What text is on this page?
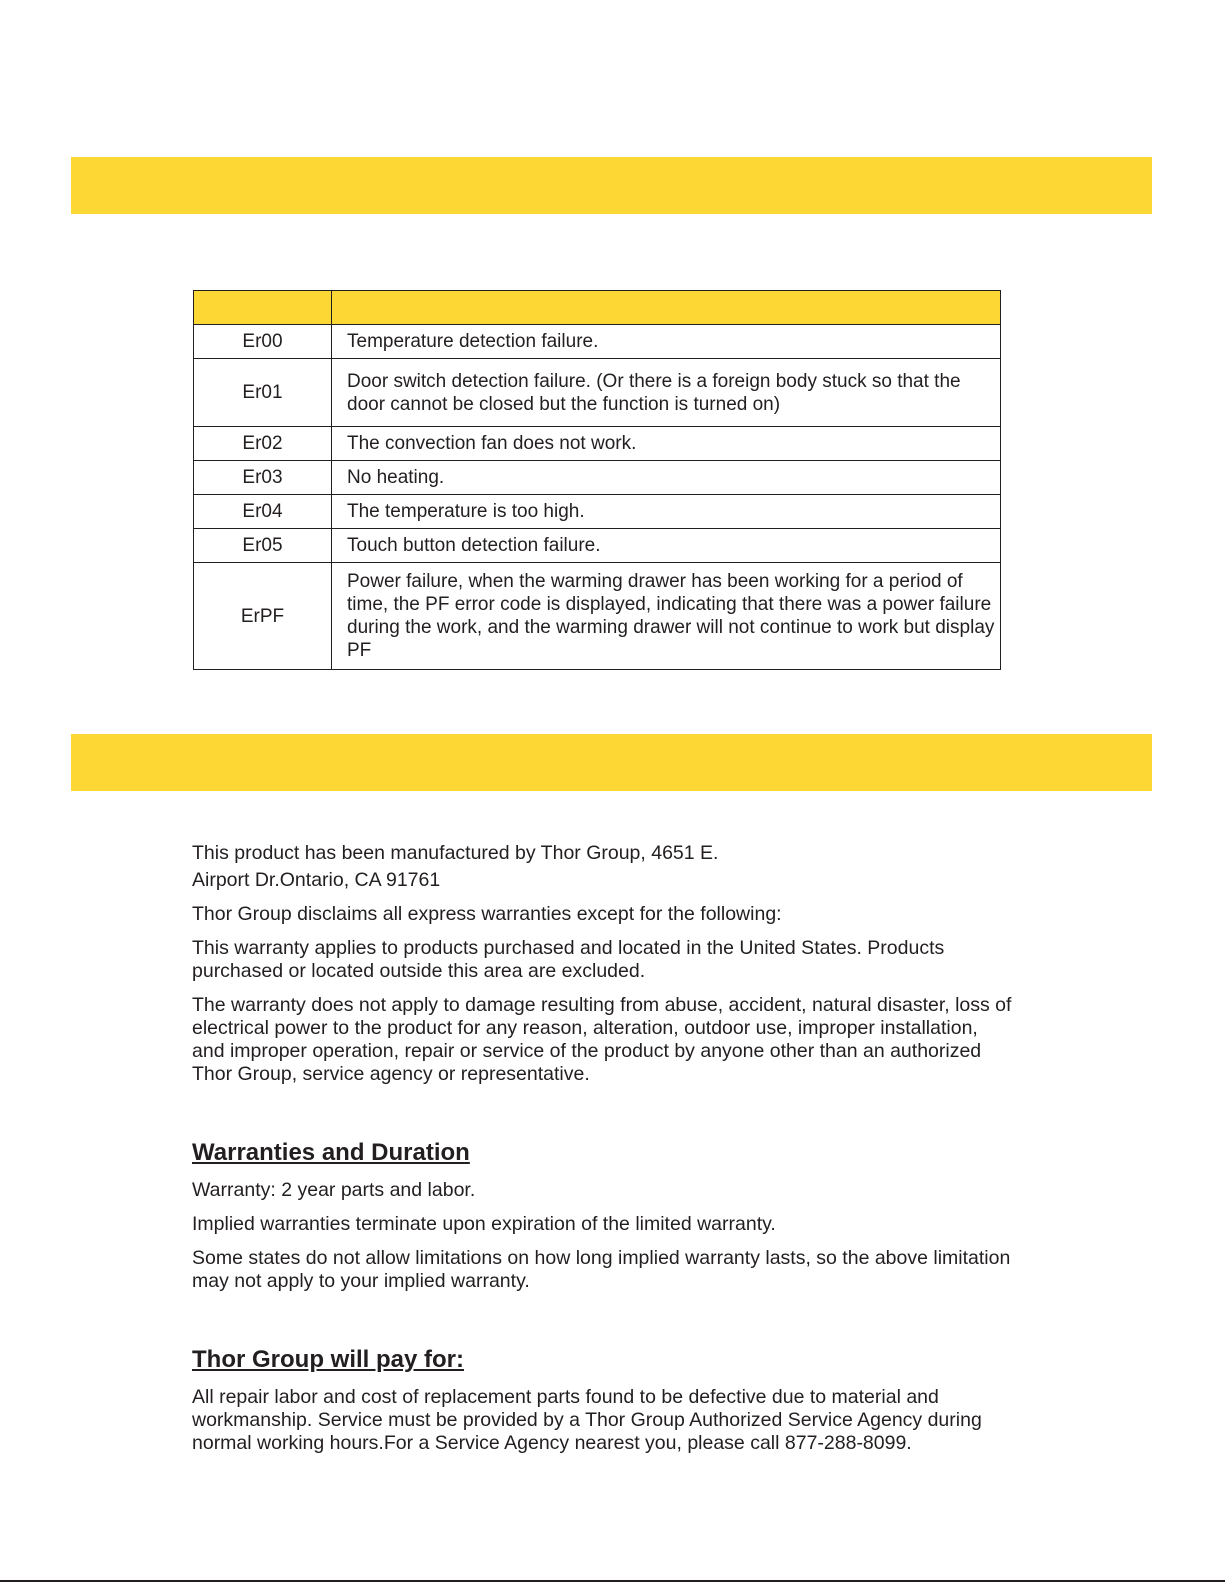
Er00	Temperature detection failure.
Er01	Door switch detection failure. (Or there is a foreign body stuck so that the door cannot be closed but the function is turned on)
Er02	The convection fan does not work.
Er03	No heating.
Er04	The temperature is too high.
Er05	Touch button detection failure.
ErPF	Power failure, when the warming drawer has been working for a period of time, the PF error code is displayed, indicating that there was a power failure during the work, and the warming drawer will not continue to work but display PF

This product has been manufactured by Thor Group, 4651 E.

Airport Dr.Ontario, CA 91761

Thor Group disclaims all express warranties except for the following:

This warranty applies to products purchased and located in the United States. Products purchased or located outside this area are excluded.

The warranty does not apply to damage resulting from abuse, accident, natural disaster, loss of electrical power to the product for any reason, alteration, outdoor use, improper installation, and improper operation, repair or service of the product by anyone other than an authorized Thor Group, service agency or representative.

Warranties and Duration

Warranty: 2 year parts and labor.

Implied warranties terminate upon expiration of the limited warranty.

Some states do not allow limitations on how long implied warranty lasts, so the above limitation may not apply to your implied warranty.

Thor Group will pay for:

All repair labor and cost of replacement parts found to be defective due to material and workmanship. Service must be provided by a Thor Group Authorized Service Agency during normal working hours.For a Service Agency nearest you, please call 877-288-8099.
